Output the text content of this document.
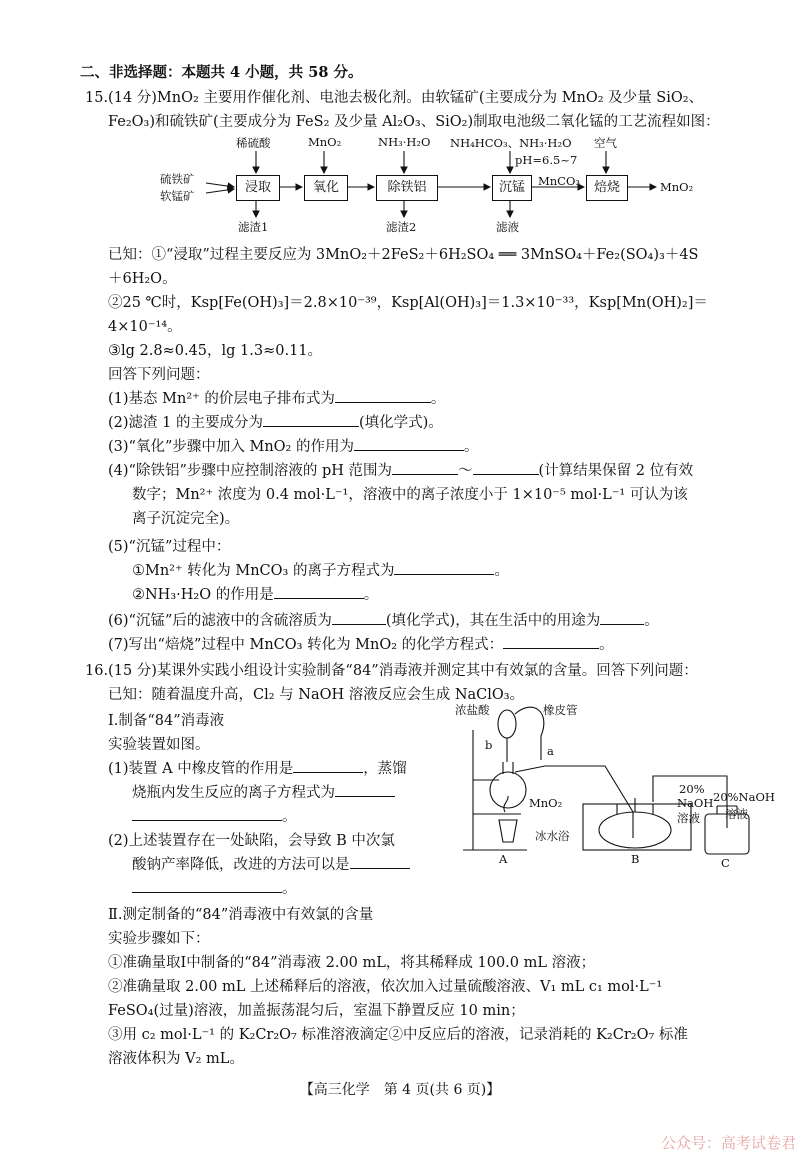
二、非选择题：本题共 4 小题，共 58 分。
15.(14 分)MnO₂ 主要用作催化剂、电池去极化剂。由软锰矿(主要成分为 MnO₂ 及少量 SiO₂、
Fe₂O₃)和硫铁矿(主要成分为 FeS₂ 及少量 Al₂O₃、SiO₂)制取电池级二氧化锰的工艺流程如图：
硫铁矿
软锰矿
稀硫酸	MnO₂	NH₃·H₂O NH₄HCO₃、NH₃·H₂O
pH=6.5~7
空气
浸取	氧化	除铁铝	沉锰	焙烧
MnCO₃	MnO₂
滤渣1	滤渣2	滤液
已知：①“浸取”过程主要反应为 3MnO₂＋2FeS₂＋6H₂SO₄ ══ 3MnSO₄＋Fe₂(SO₄)₃＋4S
＋6H₂O。
②25 ℃时，Ksp[Fe(OH)₃]＝2.8×10⁻³⁹，Ksp[Al(OH)₃]＝1.3×10⁻³³，Ksp[Mn(OH)₂]＝
4×10⁻¹⁴。
③lg 2.8≈0.45，lg 1.3≈0.11。
回答下列问题：
(1)基态 Mn²⁺ 的价层电子排布式为	。
(2)滤渣 1 的主要成分为	(填化学式)。
(3)“氧化”步骤中加入 MnO₂ 的作用为	。
(4)“除铁铝”步骤中应控制溶液的 pH 范围为	～	(计算结果保留 2 位有效
数字；Mn²⁺ 浓度为 0.4 mol·L⁻¹，溶液中的离子浓度小于 1×10⁻⁵ mol·L⁻¹ 可认为该
离子沉淀完全)。
(5)“沉锰”过程中：
①Mn²⁺ 转化为 MnCO₃ 的离子方程式为	。
②NH₃·H₂O 的作用是	。
(6)“沉锰”后的滤液中的含硫溶质为	(填化学式)，其在生活中的用途为	。
(7)写出“焙烧”过程中 MnCO₃ 转化为 MnO₂ 的化学方程式：	。
16.(15 分)某课外实践小组设计实验制备“84”消毒液并测定其中有效氯的含量。回答下列问题：
已知：随着温度升高，Cl₂ 与 NaOH 溶液反应会生成 NaClO₃。
Ⅰ.制备“84”消毒液
实验装置如图。
(1)装置 A 中橡皮管的作用是	，蒸馏
烧瓶内发生反应的离子方程式为
。
(2)上述装置存在一处缺陷，会导致 B 中次氯
酸钠产率降低，改进的方法可以是
。
浓盐酸	橡皮管
a
b
MnO₂
20%
NaOH
溶液
20%NaOH
溶液
冰水浴
A	B	C
Ⅱ.测定制备的“84”消毒液中有效氯的含量
实验步骤如下：
①准确量取Ⅰ中制备的“84”消毒液 2.00 mL，将其稀释成 100.0 mL 溶液；
②准确量取 2.00 mL 上述稀释后的溶液，依次加入过量硫酸溶液、V₁ mL c₁ mol·L⁻¹
FeSO₄(过量)溶液，加盖振荡混匀后，室温下静置反应 10 min；
③用 c₂ mol·L⁻¹ 的 K₂Cr₂O₇ 标准溶液滴定②中反应后的溶液，记录消耗的 K₂Cr₂O₇ 标准
溶液体积为 V₂ mL。
【高三化学　第 4 页(共 6 页)】
公众号：高考试卷君
